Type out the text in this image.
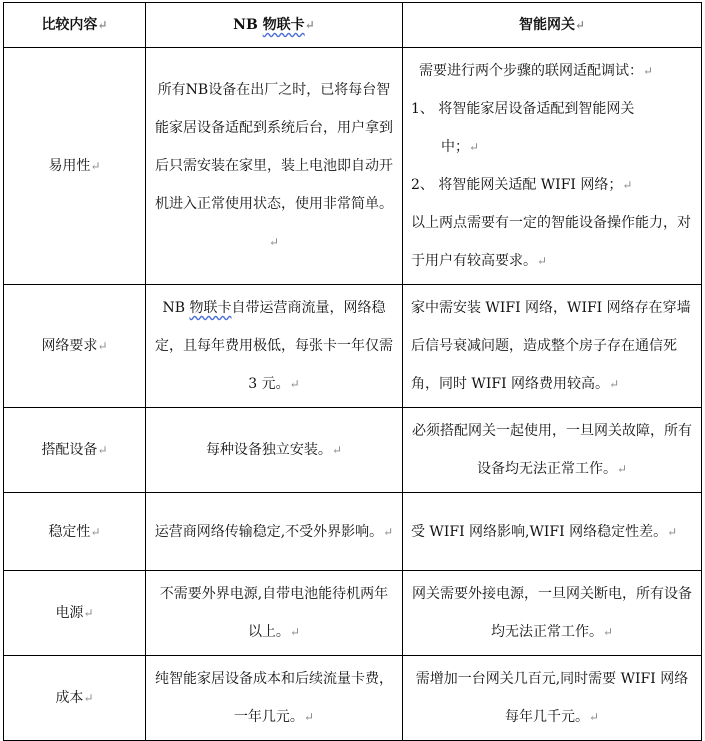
比较内容↵	NB 物联卡↵	智能网关↵
易用性↵	所有NB设备在出厂之时，已将每台智能家居设备适配到系统后台，用户拿到后只需安装在家里，装上电池即自动开机进入正常使用状态，使用非常简单。↵	需要进行两个步骤的联网适配调试：↵
1、 将智能家居设备适配到智能网关
中；↵
2、 将智能网关适配 WIFI 网络；↵
以上两点需要有一定的智能设备操作能力，对于用户有较高要求。↵

网络要求↵	NB 物联卡自带运营商流量，网络稳定，且每年费用极低，每张卡一年仅需 3 元。↵	家中需安装 WIFI 网络，WIFI 网络存在穿墙后信号衰减问题，造成整个房子存在通信死角，同时 WIFI 网络费用较高。↵
搭配设备↵	每种设备独立安装。↵	必须搭配网关一起使用，一旦网关故障，所有设备均无法正常工作。↵
稳定性↵	运营商网络传输稳定,不受外界影响。↵	受 WIFI 网络影响,WIFI 网络稳定性差。↵
电源↵	不需要外界电源,自带电池能待机两年以上。↵	网关需要外接电源，一旦网关断电，所有设备均无法正常工作。↵
成本↵	纯智能家居设备成本和后续流量卡费，一年几元。↵	需增加一台网关几百元,同时需要 WIFI 网络每年几千元。↵
